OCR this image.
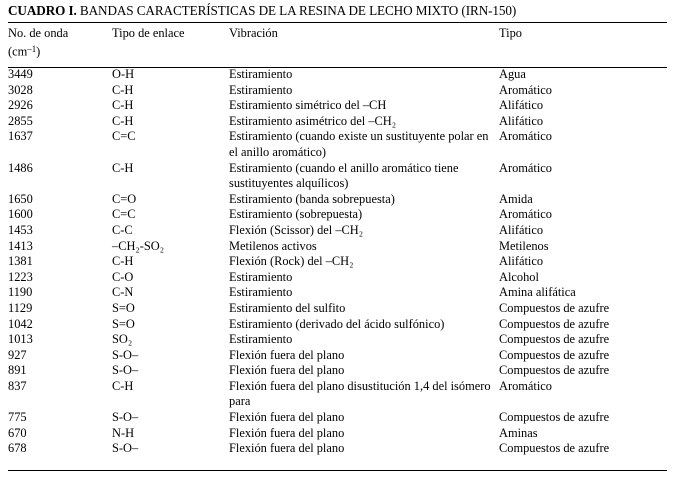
CUADRO I. BANDAS CARACTERÍSTICAS DE LA RESINA DE LECHO MIXTO (IRN-150)
No. de onda
$(cm^{-1})$	Tipo de enlace	Vibración	Tipo
3449	O-H	Estiramiento	Agua
3028	C-H	Estiramiento	Aromático
2926	C-H	Estiramiento simétrico del –CH	Alifático
2855	C-H	Estiramiento asimétrico del –CH₂	Alifático
1637	C=C	Estiramiento (cuando existe un sustituyente polar en el anillo aromático)	Aromático
1486	C-H	Estiramiento (cuando el anillo aromático tiene sustituyentes alquílicos)	Aromático
1650	C=O	Estiramiento (banda sobrepuesta)	Amida
1600	C=C	Estiramiento (sobrepuesta)	Aromático
1453	C-C	Flexión (Scissor) del –CH₂	Alifático
1413	–CH₂-SO₂	Metilenos activos	Metilenos
1381	C-H	Flexión (Rock) del –CH₂	Alifático
1223	C-O	Estiramiento	Alcohol
1190	C-N	Estiramiento	Amina alifática
1129	S=O	Estiramiento del sulfito	Compuestos de azufre
1042	S=O	Estiramiento (derivado del ácido sulfónico)	Compuestos de azufre
1013	SO₂	Estiramiento	Compuestos de azufre
927	S-O–	Flexión fuera del plano	Compuestos de azufre
891	S-O–	Flexión fuera del plano	Compuestos de azufre
837	C-H	Flexión fuera del plano disustitución 1,4 del isómero para	Aromático
775	S-O–	Flexión fuera del plano	Compuestos de azufre
670	N-H	Flexión fuera del plano	Aminas
678	S-O–	Flexión fuera del plano	Compuestos de azufre
